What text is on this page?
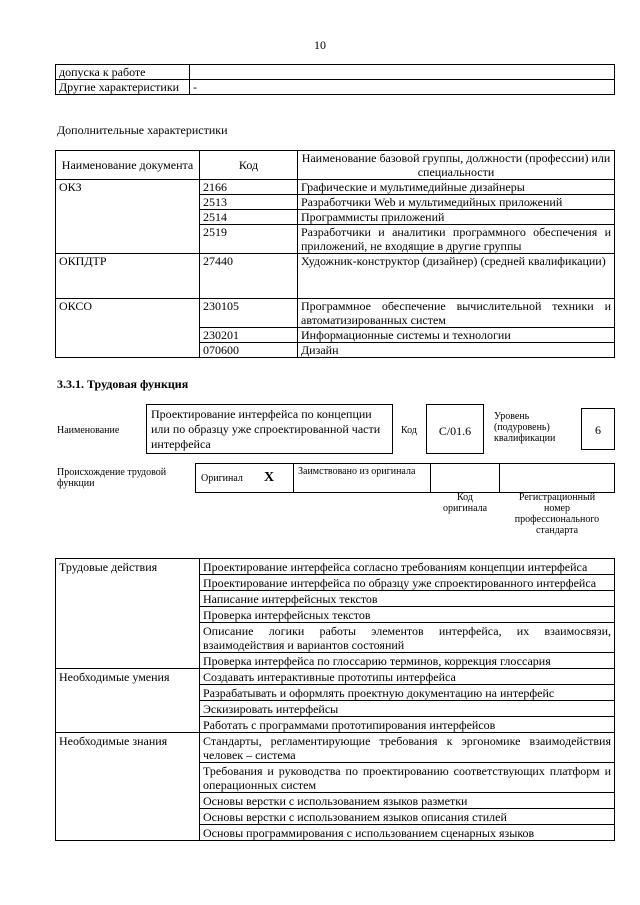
10
допуска к работе	
Другие характеристики	-
Дополнительные характеристики
Наименование документа	Код	Наименование базовой группы, должности (профессии) или специальности
ОКЗ	2166	Графические и мультимедийные дизайнеры
	2513	Разработчики Web и мультимедийных приложений
	2514	Программисты приложений
	2519	Разработчики и аналитики программного обеспечения и приложений, не входящие в другие группы
ОКПДТР	27440	Художник-конструктор (дизайнер) (средней квалификации)
ОКСО	230105	Программное обеспечение вычислительной техники и автоматизированных систем
	230201	Информационные системы и технологии
	070600	Дизайн
3.3.1. Трудовая функция
Наименование
Проектирование интерфейса по концепции или по образцу уже спроектированной части интерфейса
Код	C/01.6
Уровень (подуровень) квалификации
6
Происхождение трудовой функции	Оригинал X Заимствовано из оригинала
Код оригинала
Регистрационный номер профессионального стандарта
Трудовые действия	Проектирование интерфейса согласно требованиям концепции интерфейса
	Проектирование интерфейса по образцу уже спроектированного интерфейса
	Написание интерфейсных текстов
	Проверка интерфейсных текстов
	Описание логики работы элементов интерфейса, их взаимосвязи, взаимодействия и вариантов состояний
	Проверка интерфейса по глоссарию терминов, коррекция глоссария
Необходимые умения	Создавать интерактивные прототипы интерфейса
	Разрабатывать и оформлять проектную документацию на интерфейс
	Эскизировать интерфейсы
	Работать с программами прототипирования интерфейсов
Необходимые знания	Стандарты, регламентирующие требования к эргономике взаимодействия человек – система
	Требования и руководства по проектированию соответствующих платформ и операционных систем
	Основы верстки с использованием языков разметки
	Основы верстки с использованием языков описания стилей
	Основы программирования с использованием сценарных языков
